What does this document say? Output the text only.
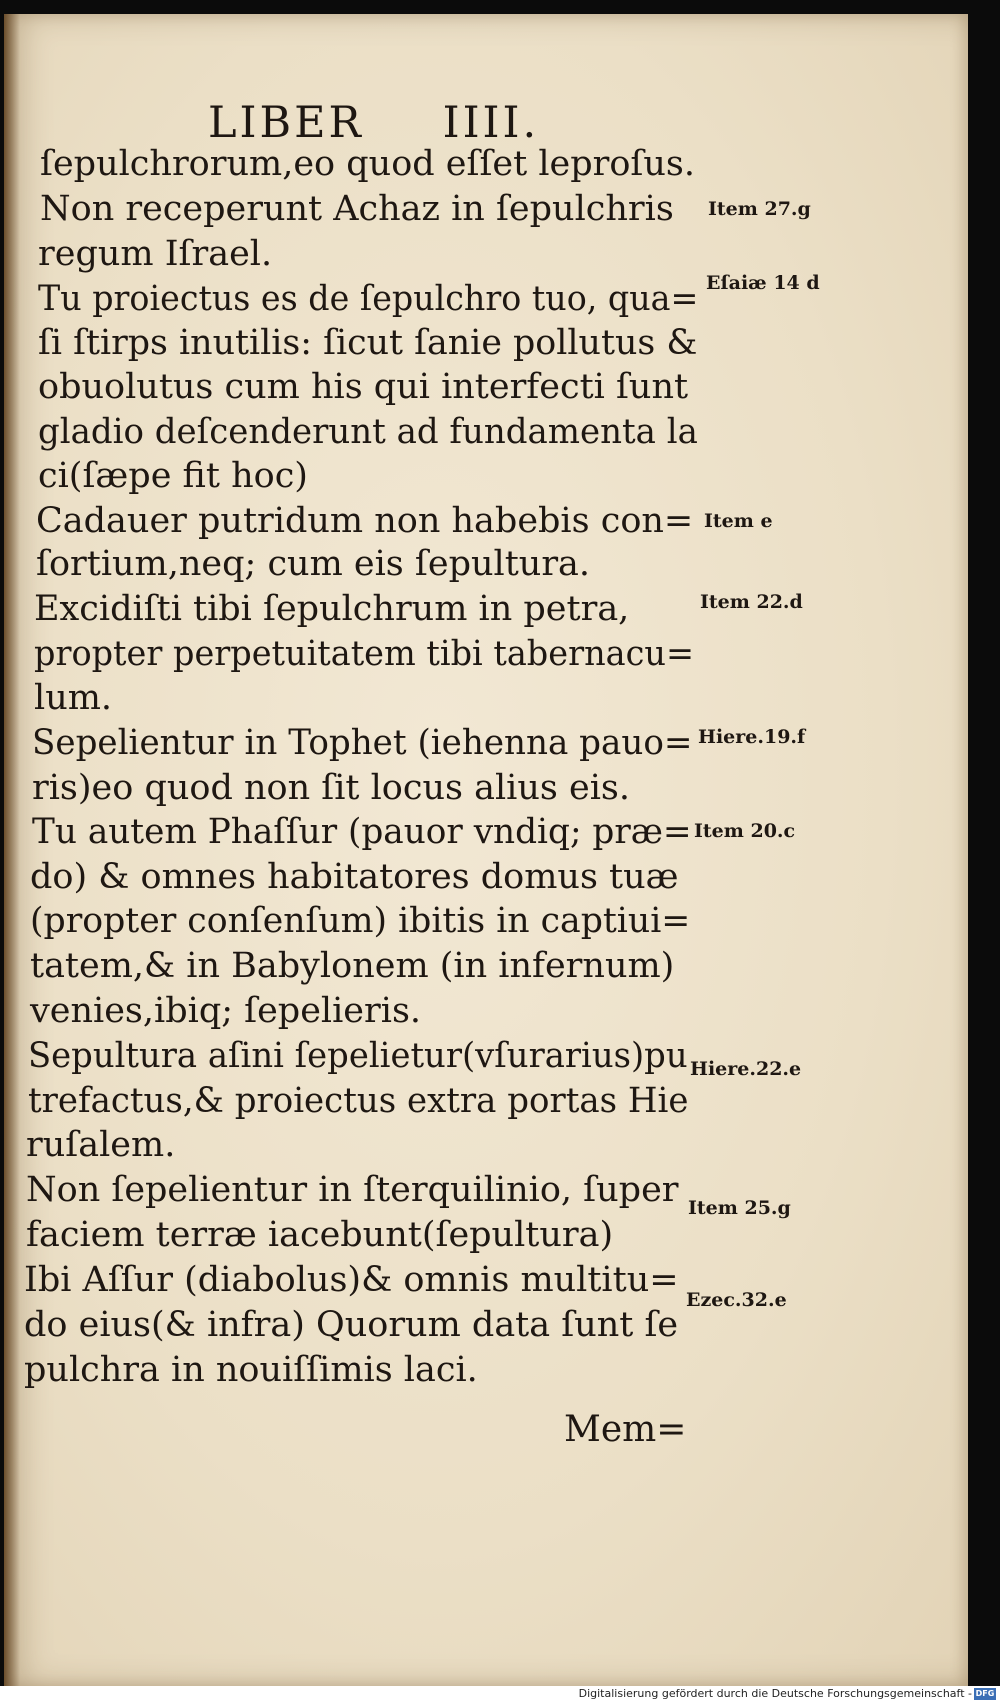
LIBER IIII.
ſepulchrorum,eo quod eſſet leproſus.
Non receperunt Achaz in ſepulchris
regum Iſrael.
Tu proiectus es de ſepulchro tuo, qua=
ſi ſtirps inutilis: ſicut ſanie pollutus &
obuolutus cum his qui interfecti ſunt
gladio deſcenderunt ad fundamenta la
ci(ſæpe fit hoc)
Cadauer putridum non habebis con=
ſortium,neq; cum eis ſepultura.
Excidiſti tibi ſepulchrum in petra,
propter perpetuitatem tibi tabernacu=
lum.
Sepelientur in Tophet (iehenna pauo=
ris)eo quod non ſit locus alius eis.
Tu autem Phaſſur (pauor vndiq; præ=
do) & omnes habitatores domus tuæ
(propter conſenſum) ibitis in captiui=
tatem,& in Babylonem (in infernum)
venies,ibiq; ſepelieris.
Sepultura aſini ſepelietur(vſurarius)pu
trefactus,& proiectus extra portas Hie
ruſalem.
Non ſepelientur in ſterquilinio, ſuper
faciem terræ iacebunt(ſepultura)
Ibi Aſſur (diabolus)& omnis multitu=
do eius(& infra) Quorum data ſunt ſe
pulchra in nouiſſimis laci.
Item 27.g
Eſaiæ 14 d
Item e
Item 22.d
Hiere.19.f
Item 20.c
Hiere.22.e
Item 25.g
Ezec.32.e
Mem=
Digitalisierung gefördert durch die Deutsche Forschungsgemeinschaft - DFG
